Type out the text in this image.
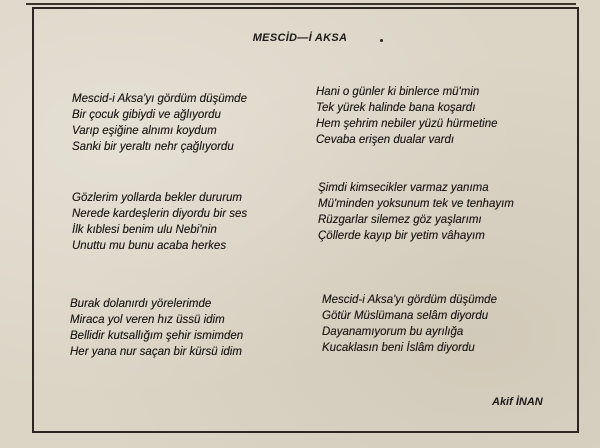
MESCİD—İ AKSA
Mescid-i Aksa'yı gördüm düşümde
Bir çocuk gibiydi ve ağlıyordu
Varıp eşiğine alnımı koydum
Sanki bir yeraltı nehr çağlıyordu
Hani o günler ki binlerce mü'min
Tek yürek halinde bana koşardı
Hem şehrim nebiler yüzü hürmetine
Cevaba erişen dualar vardı
Gözlerim yollarda bekler dururum
Nerede kardeşlerin diyordu bir ses
İlk kıblesi benim ulu Nebi'nin
Unuttu mu bunu acaba herkes
Şimdi kimsecikler varmaz yanıma
Mü'minden yoksunum tek ve tenhayım
Rüzgarlar silemez göz yaşlarımı
Çöllerde kayıp bir yetim vâhayım
Burak dolanırdı yörelerimde
Miraca yol veren hız üssü idim
Bellidir kutsallığım şehir ismimden
Her yana nur saçan bir kürsü idim
Mescid-i Aksa'yı gördüm düşümde
Götür Müslümana selâm diyordu
Dayanamıyorum bu ayrılığa
Kucaklasın beni İslâm diyordu
Akif İNAN
